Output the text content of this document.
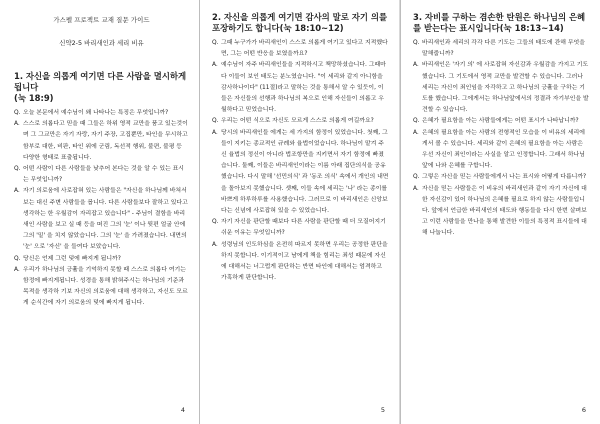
가스펠 프로젝트 교재 질문 가이드
신약2-5 바리새인과 세리 비유
1. 자신을 의롭게 여기면 다른 사람을 멸시하게 됩니다
(눅 18:9)
Q. 오늘 본문에서 예수님이 왜 나타나는 특징은 무엇입니까?
A. 스스로 의롭다고 믿을 때 그들은 하위 영적 교만을 품고 있는것이며 그 그교만은 자기 자랑, 자기 주장, 고집뿐만, 타인을 무시하고 함부로 대한, 비판, 타인 위에 군림, 독선적 행위, 불편, 불평 등 다양한 형태로 표출됩니다.
Q. 어떤 사람이 다른 사람들을 낮추어 본다는 것을 알 수 있는 표시는 무엇입니까?
A. 자기 의로움에 사로잡혀 있는 사람들은 "자신을 하나님께 바쳐서 보는 대신 주변 사람들을 봅니다. 다른 사람들보다 잘하고 있다고 생각하는 한 우월감이 자리잡고 있습니다" - 주님이 결함을 바리새인 사람을 보고 실 때 등을 떠진 그의 '눈' 이나 뒷편 얼굴 안에 그의 '밑' 을 치지 않았습니다. 그의 '눈' 을 가려졌습니다. 내면의 '눈' 으로 '자신' 을 들여다 보았습니다.
Q. 당신은 언제 그런 덫에 빠지게 됩니까?
A. 우리가 하나님의 긍휼을 기억하지 못할 때 스스로 의롭다 여기는 함정에 빠지게됩니다. 성경을 통해 밝혀주시는 하나님의 기준과 목적을 생각하 기보 자신의 의로움에 대해 생각하고, 자신도 모르게 순식간에 자기 의로움의 덫에 빠지게 됩니다.
4
2. 자신을 의롭게 여기면 감사의 말로 자기 의를 포장하기도 합니다(눅 18:10~12)
Q. 그때 누구가가 바리새인이 스스로 의롭게 여기고 있다고 지적했다면, 그는 어떤 반응을 보였을까요?
A. 예수님이 자주 바리새인들을 지적하시고 책망하셨습니다. 그때마다 이들이 보인 태도는 분노였습니다. "이 세리와 같지 아니함을 감사하나이다" (11절)라고 말하는 것을 통해서 알 수 있듯이, 이들은 자신들의 선행과 하나님의 복으로 인해 자신들이 의롭고 우월하다고 믿었습니다.
Q. 우리는 어떤 식으로 자신도 모르게 스스로 의롭게 여길까요?
A. 당시의 바리새인들 에게는 세 가지의 함정이 있었습니다. 첫째, 그들이 지키는 종교적인 규례와 율법이었습니다. 하나님이 맡겨 주신 율법의 정신이 아니라 법조항만을 지키면서 자기 함정에 빠졌습니다. 둘째, 이들은 바리새인이라는 이름 아래 집단의식을 공유했습니다. 다시 말해 '선민의식' 과 '동조 의식' 속에서 개인의 내면을 돌아보지 못했습니다. 셋째, 이들 속에 세리는 '나' 라는 종이를 바쁘게 하루하루를 사용했습니다. 그러므로 이 바리새인은 신앙보다는 신념에 사로잡혀 있을 수 있었습니다.
Q. 자기 자신을 판단할 때보다 다른 사람을 판단할 때 더 모질어지기 쉬운 이유는 무엇입니까?
A. 성령님의 인도하심을 온전히 따르지 못하면 우리는 공정한 판단을 하지 못합니다. 이기적이고 남에게 책을 힘리는 죄성 때문에 자신에 대해서는 너그럽게 판단하는 반면 타인에 대해서는 엄격하고 가혹하게 판단합니다.
5
3. 자비를 구하는 겸손한 탄원은 하나님의 은혜를 받는다는 표시입니다(눅 18:13~14)
Q. 바리새인과 세리의 각각 다른 기도는 그들의 태도에 관해 무엇을 말해줍니까?
A. 바리새인은 '자기 의' 에 사로잡혀 자신감과 우월감을 가지고 기도했습니다. 그 기도에서 영적 교만을 발견할 수 있습니다. 그러나 세리는 자신이 죄인임을 자각하고 고 하나님의 긍휼을 구하는 기도를 했습니다. 그에게서는 하나님앞에서의 정결과 자기부인을 발견할 수 있습니다.
Q. 은혜가 필요함을 아는 사람들에게는 어떤 표시가 나타납니까?
A. 은혜의 필요함을 아는 사람의 전형적인 모습을 이 비유의 세리에게서 볼 수 있습니다. 세리와 같이 은혜의 필요함을 아는 사람은 우선 자신이 죄인이라는 사실을 알고 인정합니다. 그래서 하나님 앞에 나와 은혜를 구합니다.
Q. 그렇은 자신을 믿는 사람들에게서 나는 표시와 어떻게 다릅니까?
A. 자신을 믿는 사람들은 이 비유의 바리새인과 같이 자기 자신에 대한 자신감이 있어 하나님의 은혜를 필요로 하지 않는 사람들입니다. 앞에서 언급한 바리새인의 태도와 행동들을 다시 한번 살펴보고 이런 사람들을 만나을 통해 발견한 이들의 특징적 표시들에 대해 나눕니다.
6
